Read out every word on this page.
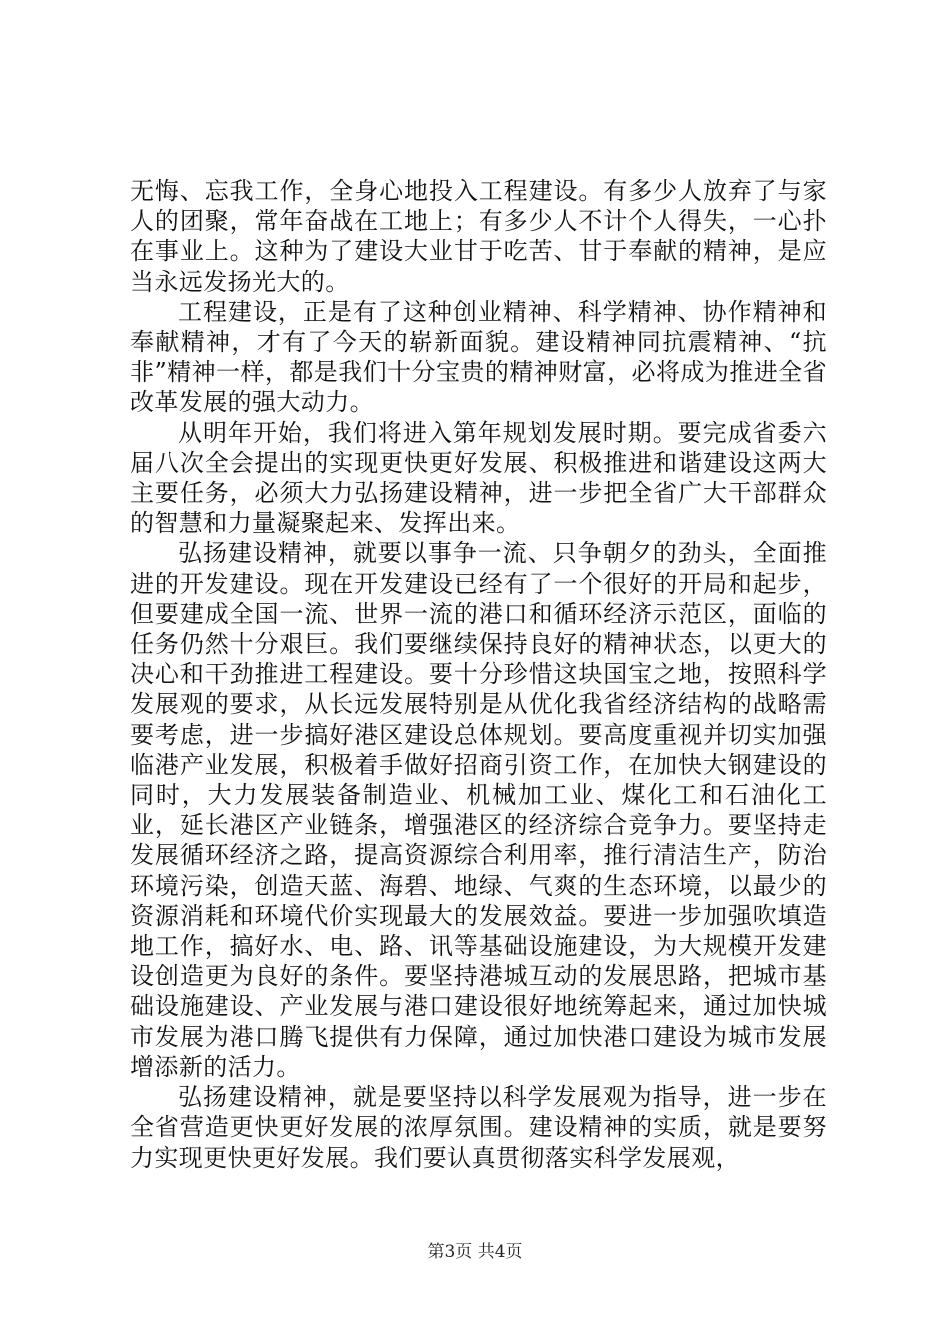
无悔、忘我工作，全身心地投入工程建设。有多少人放弃了与家人的团聚，常年奋战在工地上；有多少人不计个人得失，一心扑在事业上。这种为了建设大业甘于吃苦、甘于奉献的精神，是应当永远发扬光大的。

工程建设，正是有了这种创业精神、科学精神、协作精神和奉献精神，才有了今天的崭新面貌。建设精神同抗震精神、“抗非”精神一样，都是我们十分宝贵的精神财富，必将成为推进全省改革发展的强大动力。

从明年开始，我们将进入第年规划发展时期。要完成省委六届八次全会提出的实现更快更好发展、积极推进和谐建设这两大主要任务，必须大力弘扬建设精神，进一步把全省广大干部群众的智慧和力量凝聚起来、发挥出来。

弘扬建设精神，就要以事争一流、只争朝夕的劲头，全面推进的开发建设。现在开发建设已经有了一个很好的开局和起步，但要建成全国一流、世界一流的港口和循环经济示范区，面临的任务仍然十分艰巨。我们要继续保持良好的精神状态，以更大的决心和干劲推进工程建设。要十分珍惜这块国宝之地，按照科学发展观的要求，从长远发展特别是从优化我省经济结构的战略需要考虑，进一步搞好港区建设总体规划。要高度重视并切实加强临港产业发展，积极着手做好招商引资工作，在加快大钢建设的同时，大力发展装备制造业、机械加工业、煤化工和石油化工业，延长港区产业链条，增强港区的经济综合竞争力。要坚持走发展循环经济之路，提高资源综合利用率，推行清洁生产，防治环境污染，创造天蓝、海碧、地绿、气爽的生态环境，以最少的资源消耗和环境代价实现最大的发展效益。要进一步加强吹填造地工作，搞好水、电、路、讯等基础设施建设，为大规模开发建设创造更为良好的条件。要坚持港城互动的发展思路，把城市基础设施建设、产业发展与港口建设很好地统筹起来，通过加快城市发展为港口腾飞提供有力保障，通过加快港口建设为城市发展增添新的活力。

弘扬建设精神，就是要坚持以科学发展观为指导，进一步在全省营造更快更好发展的浓厚氛围。建设精神的实质，就是要努力实现更快更好发展。我们要认真贯彻落实科学发展观，

第3页 共4页
